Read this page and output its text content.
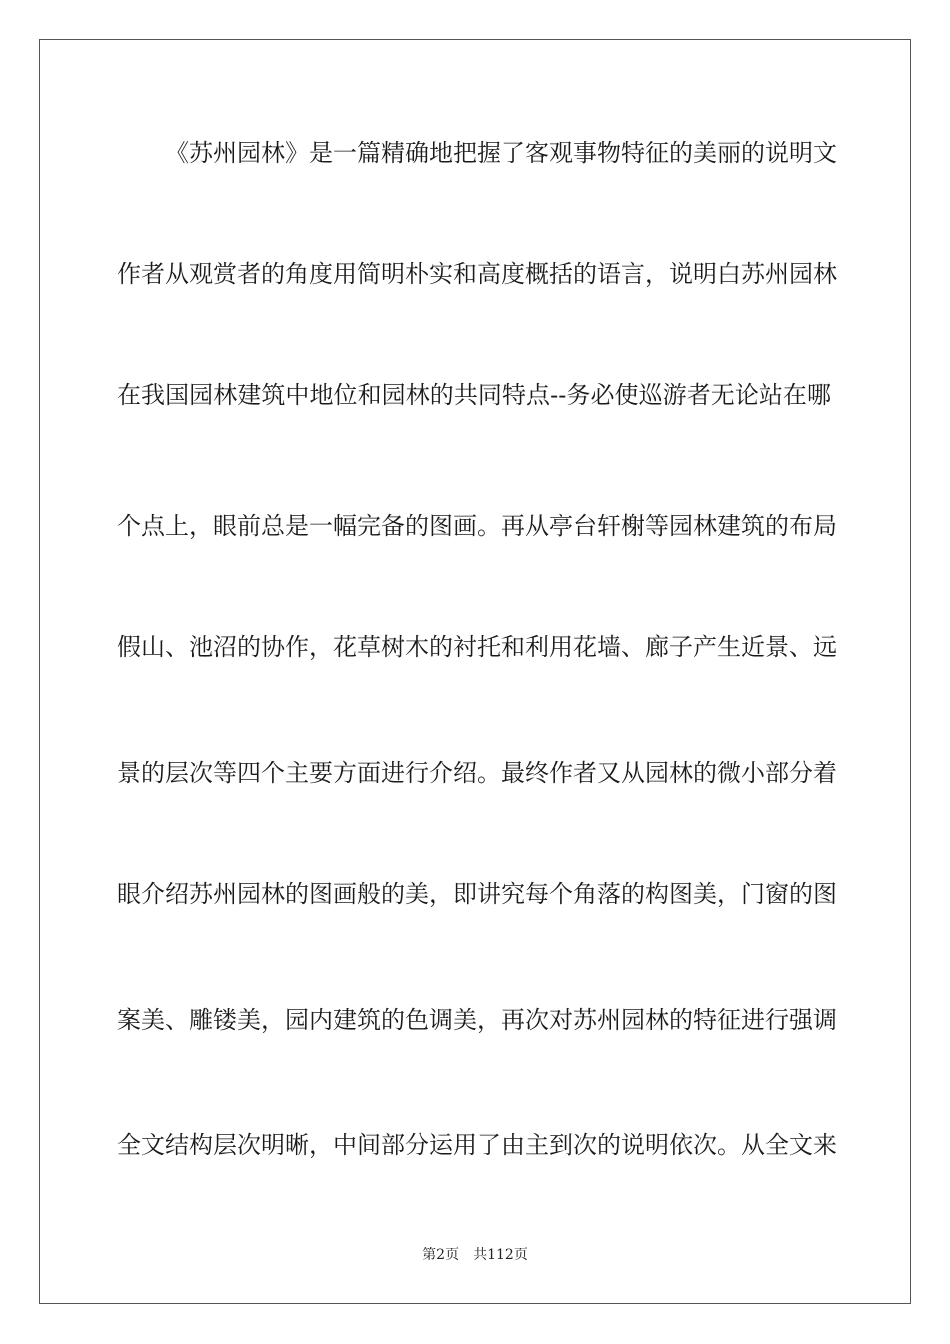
《苏州园林》是一篇精确地把握了客观事物特征的美丽的说明文
作者从观赏者的角度用简明朴实和高度概括的语言，说明白苏州园林
在我国园林建筑中地位和园林的共同特点--务必使巡游者无论站在哪
个点上，眼前总是一幅完备的图画。再从亭台轩榭等园林建筑的布局
假山、池沼的协作，花草树木的衬托和利用花墙、廊子产生近景、远
景的层次等四个主要方面进行介绍。最终作者又从园林的微小部分着
眼介绍苏州园林的图画般的美，即讲究每个角落的构图美，门窗的图
案美、雕镂美，园内建筑的色调美，再次对苏州园林的特征进行强调
全文结构层次明晰，中间部分运用了由主到次的说明依次。从全文来
第2页 共112页
